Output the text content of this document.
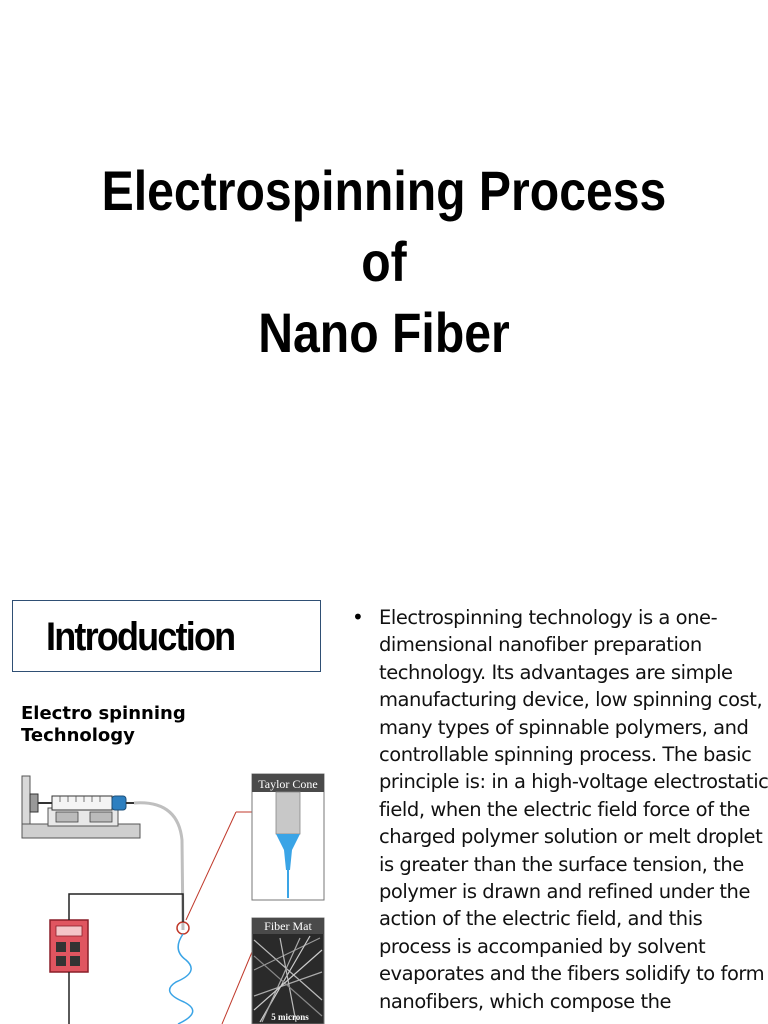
Electrospinning Process
of
Nano Fiber
Introduction
Electro spinning
Technology
Taylor Cone
Fiber Mat
5 microns
• Electrospinning technology is a one-dimensional nanofiber preparation technology. Its advantages are simple manufacturing device, low spinning cost, many types of spinnable polymers, and controllable spinning process. The basic principle is: in a high-voltage electrostatic field, when the electric field force of the charged polymer solution or melt droplet is greater than the surface tension, the polymer is drawn and refined under the action of the electric field, and this process is accompanied by solvent evaporates and the fibers solidify to form nanofibers, which compose the
